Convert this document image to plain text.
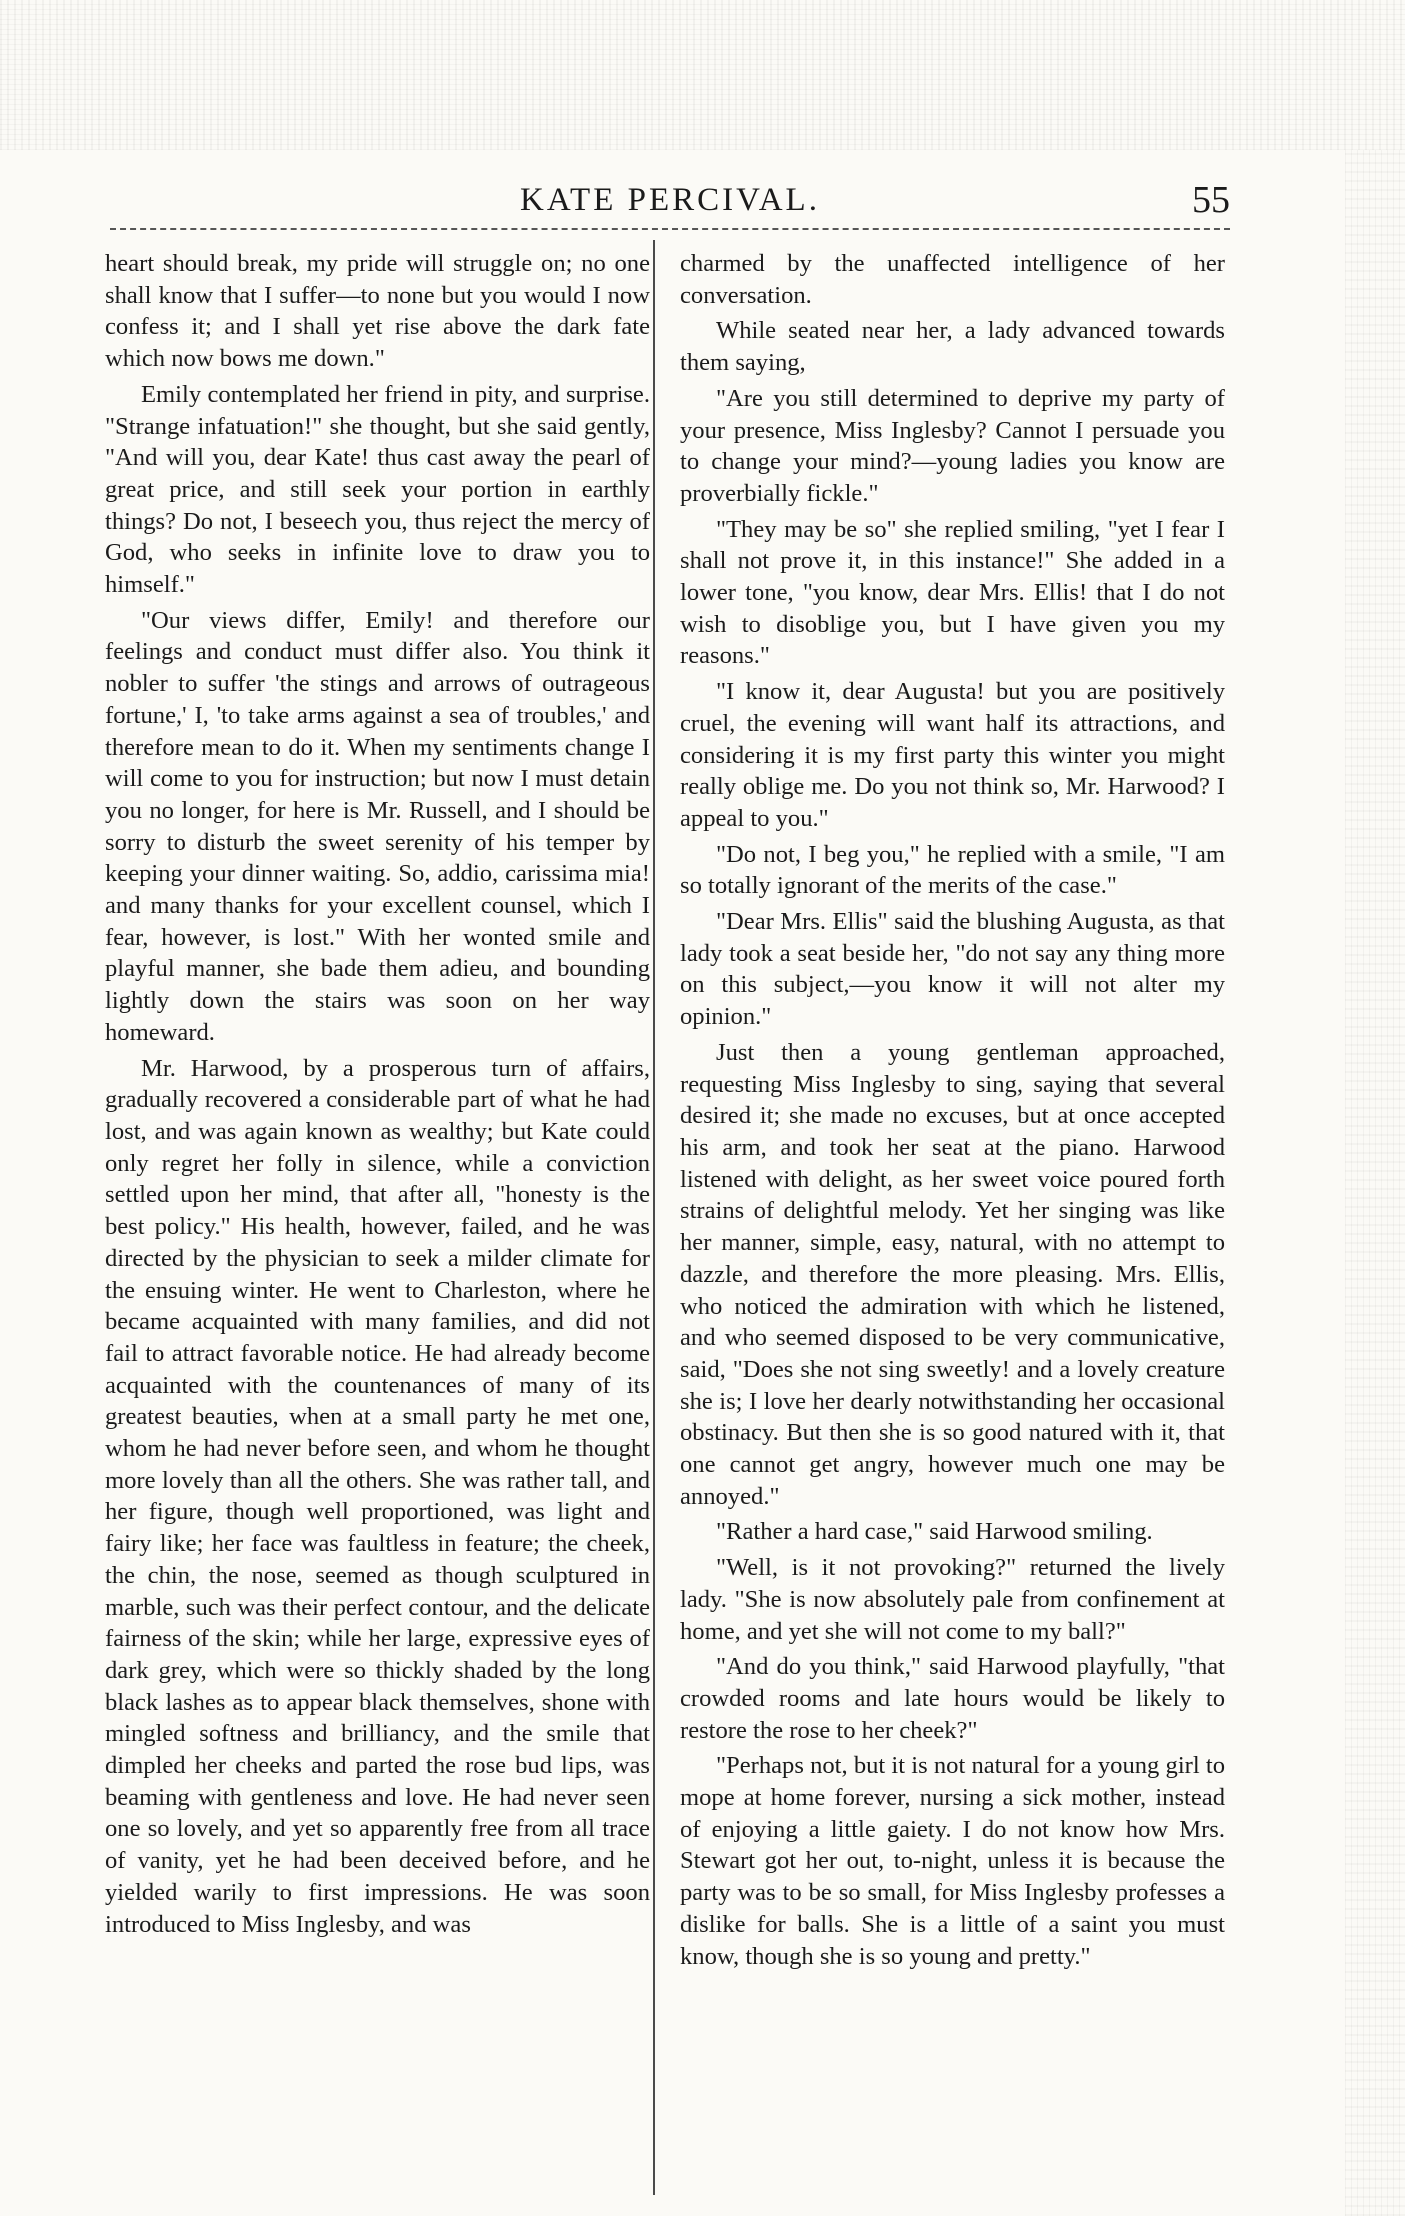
KATE PERCIVAL.	55

heart should break, my pride will struggle on; no one shall know that I suffer—to none but you would I now confess it; and I shall yet rise above the dark fate which now bows me down."

Emily contemplated her friend in pity, and surprise. "Strange infatuation!" she thought, but she said gently, "And will you, dear Kate! thus cast away the pearl of great price, and still seek your portion in earthly things? Do not, I beseech you, thus reject the mercy of God, who seeks in infinite love to draw you to himself."

"Our views differ, Emily! and therefore our feelings and conduct must differ also. You think it nobler to suffer 'the stings and arrows of outrageous fortune,' I, 'to take arms against a sea of troubles,' and therefore mean to do it. When my sentiments change I will come to you for instruction; but now I must detain you no longer, for here is Mr. Russell, and I should be sorry to disturb the sweet serenity of his temper by keeping your dinner waiting. So, addio, carissima mia! and many thanks for your excellent counsel, which I fear, however, is lost." With her wonted smile and playful manner, she bade them adieu, and bounding lightly down the stairs was soon on her way homeward.

Mr. Harwood, by a prosperous turn of affairs, gradually recovered a considerable part of what he had lost, and was again known as wealthy; but Kate could only regret her folly in silence, while a conviction settled upon her mind, that after all, "honesty is the best policy." His health, however, failed, and he was directed by the physician to seek a milder climate for the ensuing winter. He went to Charleston, where he became acquainted with many families, and did not fail to attract favorable notice. He had already become acquainted with the countenances of many of its greatest beauties, when at a small party he met one, whom he had never before seen, and whom he thought more lovely than all the others. She was rather tall, and her figure, though well proportioned, was light and fairy like; her face was faultless in feature; the cheek, the chin, the nose, seemed as though sculptured in marble, such was their perfect contour, and the delicate fairness of the skin; while her large, expressive eyes of dark grey, which were so thickly shaded by the long black lashes as to appear black themselves, shone with mingled softness and brilliancy, and the smile that dimpled her cheeks and parted the rose bud lips, was beaming with gentleness and love. He had never seen one so lovely, and yet so apparently free from all trace of vanity, yet he had been deceived before, and he yielded warily to first impressions. He was soon introduced to Miss Inglesby, and was

charmed by the unaffected intelligence of her conversation.

While seated near her, a lady advanced towards them saying,

"Are you still determined to deprive my party of your presence, Miss Inglesby? Cannot I persuade you to change your mind?—young ladies you know are proverbially fickle."

"They may be so" she replied smiling, "yet I fear I shall not prove it, in this instance!" She added in a lower tone, "you know, dear Mrs. Ellis! that I do not wish to disoblige you, but I have given you my reasons."

"I know it, dear Augusta! but you are positively cruel, the evening will want half its attractions, and considering it is my first party this winter you might really oblige me. Do you not think so, Mr. Harwood? I appeal to you."

"Do not, I beg you," he replied with a smile, "I am so totally ignorant of the merits of the case."

"Dear Mrs. Ellis" said the blushing Augusta, as that lady took a seat beside her, "do not say any thing more on this subject,—you know it will not alter my opinion."

Just then a young gentleman approached, requesting Miss Inglesby to sing, saying that several desired it; she made no excuses, but at once accepted his arm, and took her seat at the piano. Harwood listened with delight, as her sweet voice poured forth strains of delightful melody. Yet her singing was like her manner, simple, easy, natural, with no attempt to dazzle, and therefore the more pleasing. Mrs. Ellis, who noticed the admiration with which he listened, and who seemed disposed to be very communicative, said, "Does she not sing sweetly! and a lovely creature she is; I love her dearly notwithstanding her occasional obstinacy. But then she is so good natured with it, that one cannot get angry, however much one may be annoyed."

"Rather a hard case," said Harwood smiling.

"Well, is it not provoking?" returned the lively lady. "She is now absolutely pale from confinement at home, and yet she will not come to my ball?"

"And do you think," said Harwood playfully, "that crowded rooms and late hours would be likely to restore the rose to her cheek?"

"Perhaps not, but it is not natural for a young girl to mope at home forever, nursing a sick mother, instead of enjoying a little gaiety. I do not know how Mrs. Stewart got her out, to-night, unless it is because the party was to be so small, for Miss Inglesby professes a dislike for balls. She is a little of a saint you must know, though she is so young and pretty."
